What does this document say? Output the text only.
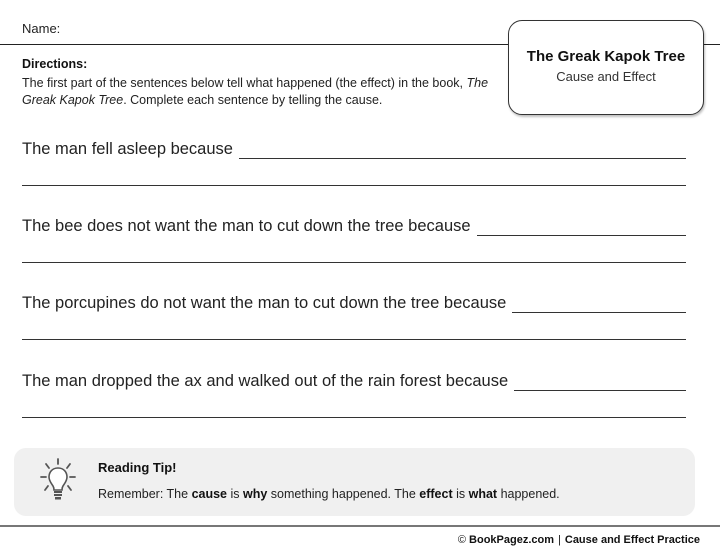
Name:
The Greak Kapok Tree
Cause and Effect
Directions:
The first part of the sentences below tell what happened (the effect) in the book, The Greak Kapok Tree. Complete each sentence by telling the cause.
The man fell asleep because
The bee does not want the man to cut down the tree because
The porcupines do not want the man to cut down the tree because
The man dropped the ax and walked out of the rain forest because
Reading Tip!
Remember: The cause is why something happened. The effect is what happened.
© BookPagez.com | Cause and Effect Practice
